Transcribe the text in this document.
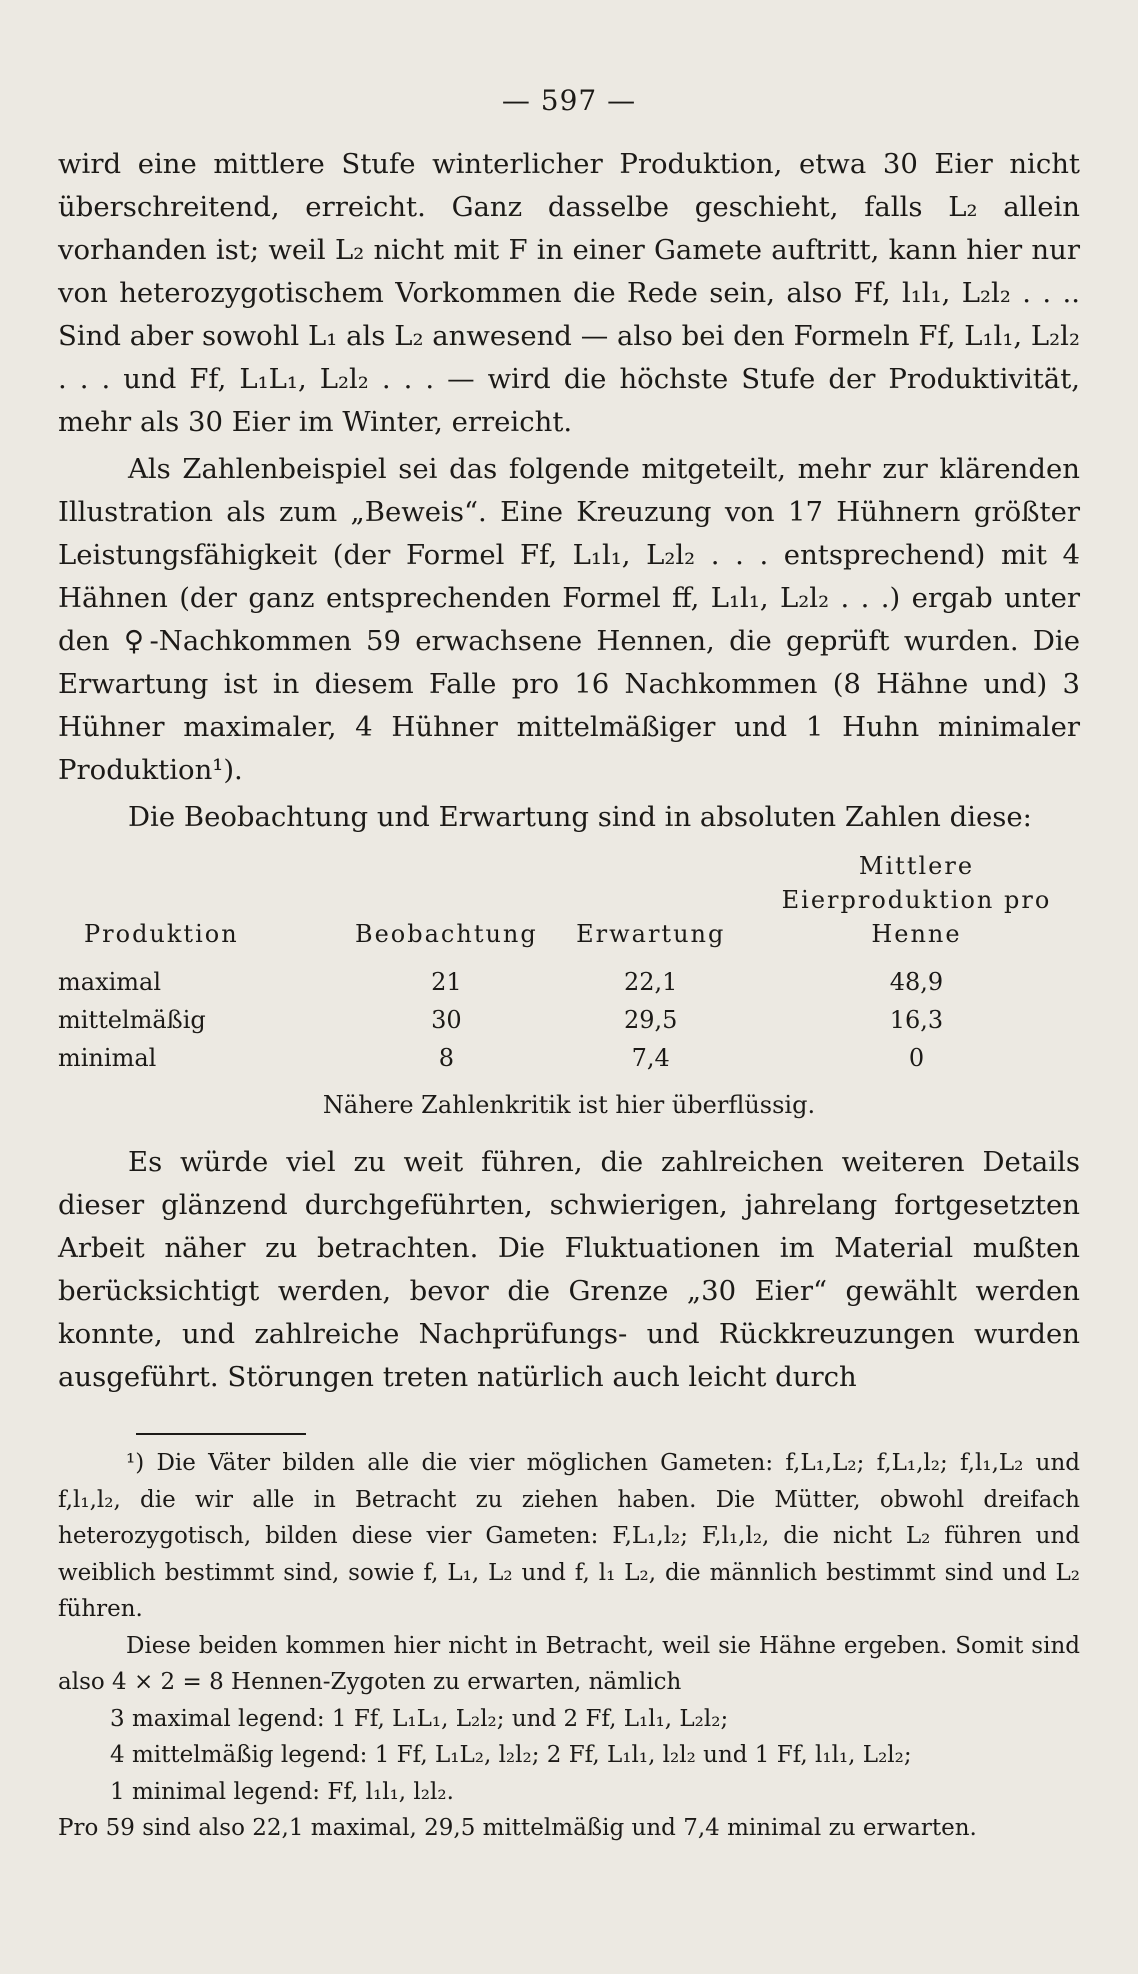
— 597 —

wird eine mittlere Stufe winterlicher Produktion, etwa 30 Eier nicht überschreitend, erreicht. Ganz dasselbe geschieht, falls L₂ allein vorhanden ist; weil L₂ nicht mit F in einer Gamete auftritt, kann hier nur von heterozygotischem Vorkommen die Rede sein, also Ff, l₁l₁, L₂l₂ . . .. Sind aber sowohl L₁ als L₂ anwesend — also bei den Formeln Ff, L₁l₁, L₂l₂ . . . und Ff, L₁L₁, L₂l₂ . . . — wird die höchste Stufe der Produktivität, mehr als 30 Eier im Winter, erreicht.

Als Zahlenbeispiel sei das folgende mitgeteilt, mehr zur klärenden Illustration als zum „Beweis“. Eine Kreuzung von 17 Hühnern größter Leistungsfähigkeit (der Formel Ff, L₁l₁, L₂l₂ . . . entsprechend) mit 4 Hähnen (der ganz entsprechenden Formel ff, L₁l₁, L₂l₂ . . .) ergab unter den ♀-Nachkommen 59 erwachsene Hennen, die geprüft wurden. Die Erwartung ist in diesem Falle pro 16 Nachkommen (8 Hähne und) 3 Hühner maximaler, 4 Hühner mittelmäßiger und 1 Huhn minimaler Produktion¹).

Die Beobachtung und Erwartung sind in absoluten Zahlen diese:

Produktion	Beobachtung	Erwartung	Mittlere Eierproduktion pro Henne
maximal	21	22,1	48,9
mittelmäßig	30	29,5	16,3
minimal	8	7,4	0
Nähere Zahlenkritik ist hier überflüssig.

Es würde viel zu weit führen, die zahlreichen weiteren Details dieser glänzend durchgeführten, schwierigen, jahrelang fortgesetzten Arbeit näher zu betrachten. Die Fluktuationen im Material mußten berücksichtigt werden, bevor die Grenze „30 Eier“ gewählt werden konnte, und zahlreiche Nachprüfungs- und Rückkreuzungen wurden ausgeführt. Störungen treten natürlich auch leicht durch

¹) Die Väter bilden alle die vier möglichen Gameten: f,L₁,L₂; f,L₁,l₂; f,l₁,L₂ und f,l₁,l₂, die wir alle in Betracht zu ziehen haben. Die Mütter, obwohl dreifach heterozygotisch, bilden diese vier Gameten: F,L₁,l₂; F,l₁,l₂, die nicht L₂ führen und weiblich bestimmt sind, sowie f, L₁, L₂ und f, l₁ L₂, die männlich bestimmt sind und L₂ führen.

Diese beiden kommen hier nicht in Betracht, weil sie Hähne ergeben. Somit sind also 4 × 2 = 8 Hennen-Zygoten zu erwarten, nämlich

3 maximal legend: 1 Ff, L₁L₁, L₂l₂; und 2 Ff, L₁l₁, L₂l₂;

4 mittelmäßig legend: 1 Ff, L₁L₂, l₂l₂; 2 Ff, L₁l₁, l₂l₂ und 1 Ff, l₁l₁, L₂l₂;

1 minimal legend: Ff, l₁l₁, l₂l₂.

Pro 59 sind also 22,1 maximal, 29,5 mittelmäßig und 7,4 minimal zu erwarten.
